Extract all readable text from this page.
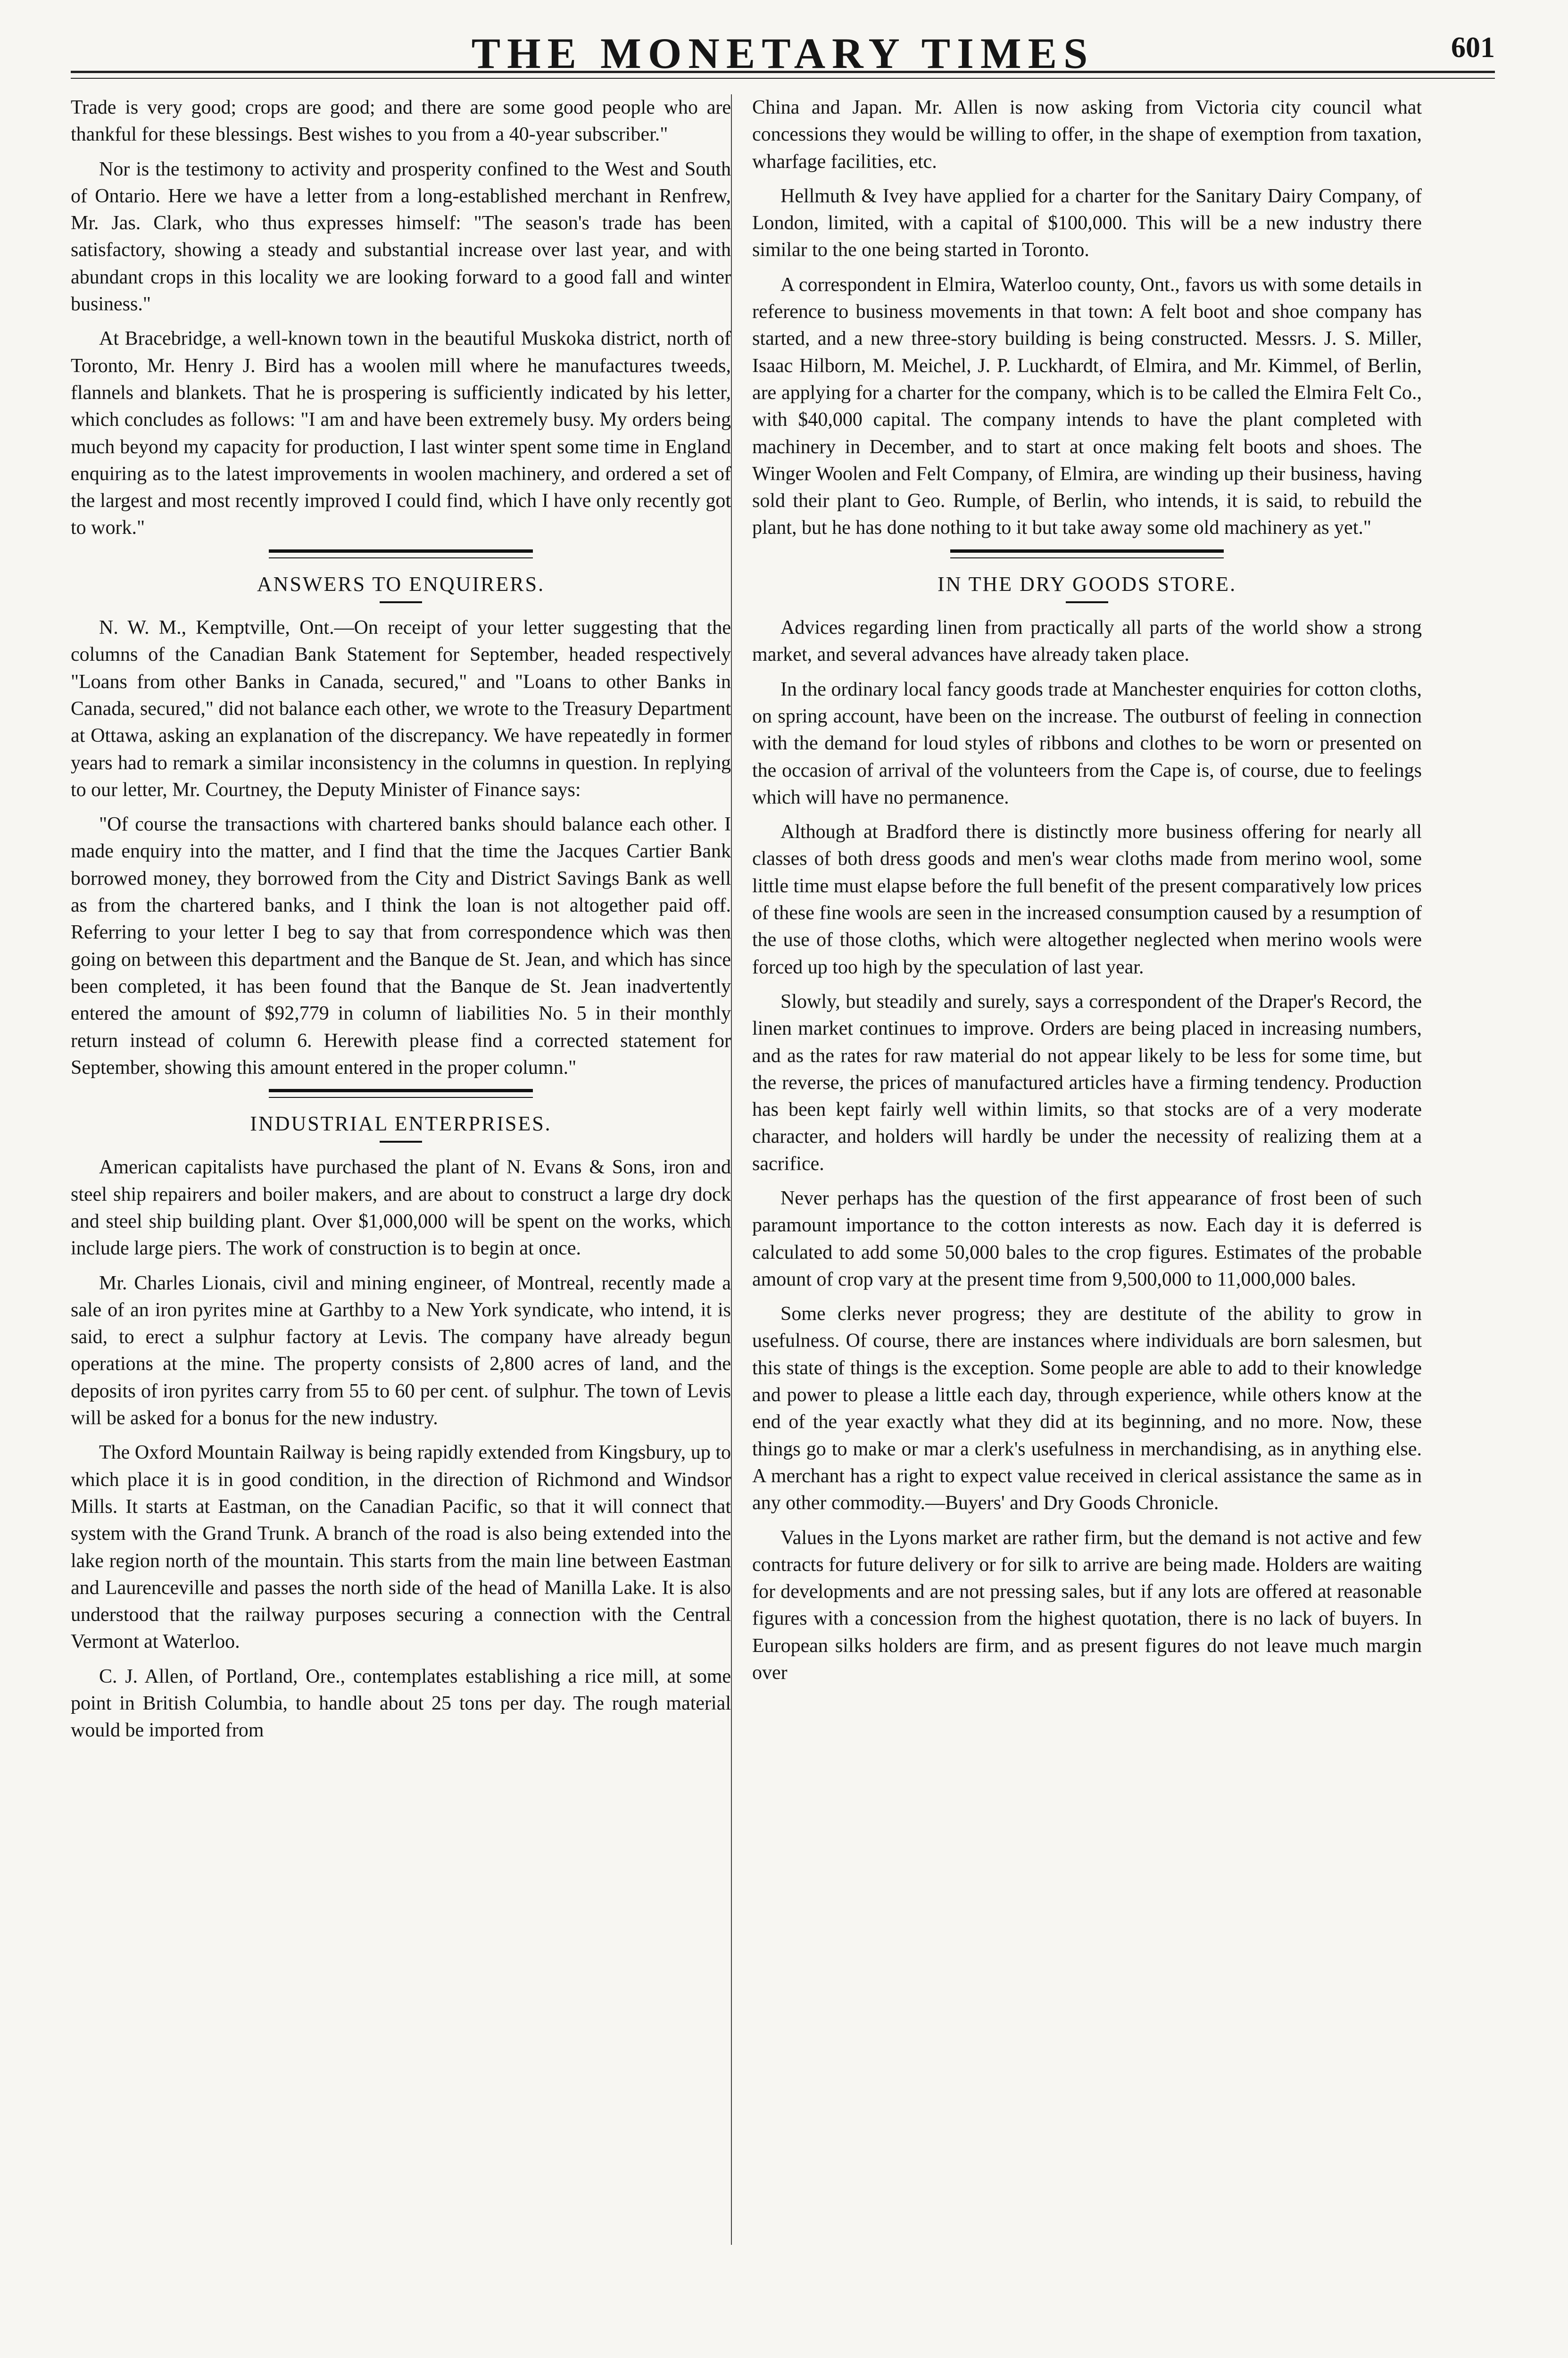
THE MONETARY TIMES	601

Trade is very good; crops are good; and there are some good people who are thankful for these blessings. Best wishes to you from a 40-year subscriber."

Nor is the testimony to activity and prosperity confined to the West and South of Ontario. Here we have a letter from a long-established merchant in Renfrew, Mr. Jas. Clark, who thus expresses himself: "The season's trade has been satisfactory, showing a steady and substantial increase over last year, and with abundant crops in this locality we are looking forward to a good fall and winter business."

At Bracebridge, a well-known town in the beautiful Muskoka district, north of Toronto, Mr. Henry J. Bird has a woolen mill where he manufactures tweeds, flannels and blankets. That he is prospering is sufficiently indicated by his letter, which concludes as follows: "I am and have been extremely busy. My orders being much beyond my capacity for production, I last winter spent some time in England enquiring as to the latest improvements in woolen machinery, and ordered a set of the largest and most recently improved I could find, which I have only recently got to work."

ANSWERS TO ENQUIRERS.

N. W. M., Kemptville, Ont.—On receipt of your letter suggesting that the columns of the Canadian Bank Statement for September, headed respectively "Loans from other Banks in Canada, secured," and "Loans to other Banks in Canada, secured," did not balance each other, we wrote to the Treasury Department at Ottawa, asking an explanation of the discrepancy. We have repeatedly in former years had to remark a similar inconsistency in the columns in question. In replying to our letter, Mr. Courtney, the Deputy Minister of Finance says:

"Of course the transactions with chartered banks should balance each other. I made enquiry into the matter, and I find that the time the Jacques Cartier Bank borrowed money, they borrowed from the City and District Savings Bank as well as from the chartered banks, and I think the loan is not altogether paid off. Referring to your letter I beg to say that from correspondence which was then going on between this department and the Banque de St. Jean, and which has since been completed, it has been found that the Banque de St. Jean inadvertently entered the amount of $92,779 in column of liabilities No. 5 in their monthly return instead of column 6. Herewith please find a corrected statement for September, showing this amount entered in the proper column."

INDUSTRIAL ENTERPRISES.

American capitalists have purchased the plant of N. Evans & Sons, iron and steel ship repairers and boiler makers, and are about to construct a large dry dock and steel ship building plant. Over $1,000,000 will be spent on the works, which include large piers. The work of construction is to begin at once.

Mr. Charles Lionais, civil and mining engineer, of Montreal, recently made a sale of an iron pyrites mine at Garthby to a New York syndicate, who intend, it is said, to erect a sulphur factory at Levis. The company have already begun operations at the mine. The property consists of 2,800 acres of land, and the deposits of iron pyrites carry from 55 to 60 per cent. of sulphur. The town of Levis will be asked for a bonus for the new industry.

The Oxford Mountain Railway is being rapidly extended from Kingsbury, up to which place it is in good condition, in the direction of Richmond and Windsor Mills. It starts at Eastman, on the Canadian Pacific, so that it will connect that system with the Grand Trunk. A branch of the road is also being extended into the lake region north of the mountain. This starts from the main line between Eastman and Laurenceville and passes the north side of the head of Manilla Lake. It is also understood that the railway purposes securing a connection with the Central Vermont at Waterloo.

C. J. Allen, of Portland, Ore., contemplates establishing a rice mill, at some point in British Columbia, to handle about 25 tons per day. The rough material would be imported from

China and Japan. Mr. Allen is now asking from Victoria city council what concessions they would be willing to offer, in the shape of exemption from taxation, wharfage facilities, etc.

Hellmuth & Ivey have applied for a charter for the Sanitary Dairy Company, of London, limited, with a capital of $100,000. This will be a new industry there similar to the one being started in Toronto.

A correspondent in Elmira, Waterloo county, Ont., favors us with some details in reference to business movements in that town: A felt boot and shoe company has started, and a new three-story building is being constructed. Messrs. J. S. Miller, Isaac Hilborn, M. Meichel, J. P. Luckhardt, of Elmira, and Mr. Kimmel, of Berlin, are applying for a charter for the company, which is to be called the Elmira Felt Co., with $40,000 capital. The company intends to have the plant completed with machinery in December, and to start at once making felt boots and shoes. The Winger Woolen and Felt Company, of Elmira, are winding up their business, having sold their plant to Geo. Rumple, of Berlin, who intends, it is said, to rebuild the plant, but he has done nothing to it but take away some old machinery as yet."

IN THE DRY GOODS STORE.

Advices regarding linen from practically all parts of the world show a strong market, and several advances have already taken place.

In the ordinary local fancy goods trade at Manchester enquiries for cotton cloths, on spring account, have been on the increase. The outburst of feeling in connection with the demand for loud styles of ribbons and clothes to be worn or presented on the occasion of arrival of the volunteers from the Cape is, of course, due to feelings which will have no permanence.

Although at Bradford there is distinctly more business offering for nearly all classes of both dress goods and men's wear cloths made from merino wool, some little time must elapse before the full benefit of the present comparatively low prices of these fine wools are seen in the increased consumption caused by a resumption of the use of those cloths, which were altogether neglected when merino wools were forced up too high by the speculation of last year.

Slowly, but steadily and surely, says a correspondent of the Draper's Record, the linen market continues to improve. Orders are being placed in increasing numbers, and as the rates for raw material do not appear likely to be less for some time, but the reverse, the prices of manufactured articles have a firming tendency. Production has been kept fairly well within limits, so that stocks are of a very moderate character, and holders will hardly be under the necessity of realizing them at a sacrifice.

Never perhaps has the question of the first appearance of frost been of such paramount importance to the cotton interests as now. Each day it is deferred is calculated to add some 50,000 bales to the crop figures. Estimates of the probable amount of crop vary at the present time from 9,500,000 to 11,000,000 bales.

Some clerks never progress; they are destitute of the ability to grow in usefulness. Of course, there are instances where individuals are born salesmen, but this state of things is the exception. Some people are able to add to their knowledge and power to please a little each day, through experience, while others know at the end of the year exactly what they did at its beginning, and no more. Now, these things go to make or mar a clerk's usefulness in merchandising, as in anything else. A merchant has a right to expect value received in clerical assistance the same as in any other commodity.—Buyers' and Dry Goods Chronicle.

Values in the Lyons market are rather firm, but the demand is not active and few contracts for future delivery or for silk to arrive are being made. Holders are waiting for developments and are not pressing sales, but if any lots are offered at reasonable figures with a concession from the highest quotation, there is no lack of buyers. In European silks holders are firm, and as present figures do not leave much margin over
